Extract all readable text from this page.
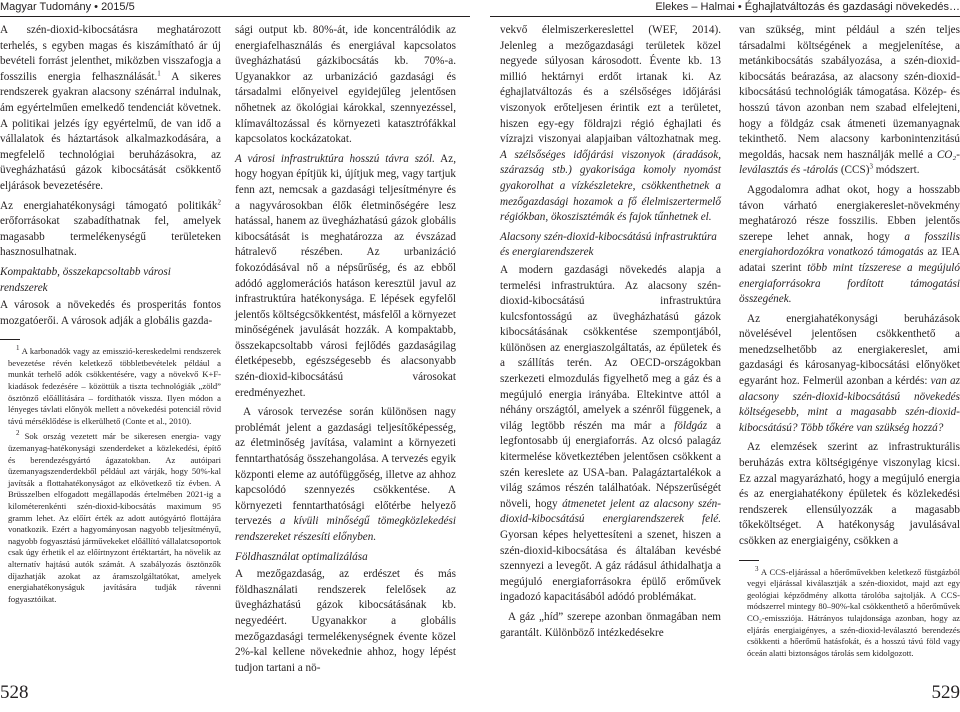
Magyar Tudomány • 2015/5	Elekes – Halmai • Éghajlatváltozás és gazdasági növekedés…

A szén-dioxid-kibocsátásra meghatározott terhelés, s egyben magas és kiszámítható ár új bevételi forrást jelenthet, miközben visszafogja a fosszilis energia felhasználását.$^1$ A sikeres rendszerek gyakran alacsony szénárral indulnak, ám egyértelműen emelkedő tendenciát követnek. A politikai jelzés így egyértelmű, de van idő a vállalatok és háztartások alkalmazkodására, a megfelelő technológiai beruházásokra, az üvegházhatású gázok kibocsátását csökkentő eljárások bevezetésére.

Az energiahatékonysági támogató politikák$^2$ erőforrásokat szabadíthatnak fel, amelyek magasabb termelékenységű területeken hasznosulhatnak.

Kompaktabb, összekapcsoltabb városi rendszerek

A városok a növekedés és prosperitás fontos mozgatóerői. A városok adják a globális gazda-

$^1$ A karbonadók vagy az emisszió-kereskedelmi rendszerek bevezetése révén keletkező többletbevételek például a munkát terhelő adók csökkentésére, vagy a növekvő K+F-kiadások fedezésére – közöttük a tiszta technológiák „zöld” ösztönző előállítására – fordíthatók vissza. Ilyen módon a lényeges távlati előnyök mellett a növekedési potenciál rövid távú mérséklődése is elkerülhető (Conte et al., 2010).

$^2$ Sok ország vezetett már be sikeresen energia- vagy üzemanyag-hatékonysági szenderdeket a közlekedési, építő és berendezésgyártó ágazatokban. Az autóipari üzemanyagszenderdekből például azt várják, hogy 50%-kal javítsák a flottahatékonyságot az elkövetkező tíz évben. A Brüsszelben elfogadott megállapodás értelmében 2021-ig a kilométerenkénti szén-dioxid-kibocsátás maximum 95 gramm lehet. Az előírt érték az adott autógyártó flottájára vonatkozik. Ezért a hagyományosan nagyobb teljesítményű, nagyobb fogyasztású járművekeket előállító vállalatcsoportok csak úgy érhetik el az előírtnyzont értéktartárt, ha növelik az alternatív hajtású autók számát. A szabályozás ösztönzők díjazhatják azokat az áramszolgáltatókat, amelyek energiahatékonyságuk javítására tudják rávenni fogyasztóikat.

sági output kb. 80%-át, ide koncentrálódik az energiafelhasználás és energiával kapcsolatos üvegházhatású gázkibocsátás kb. 70%-a. Ugyanakkor az urbanizáció gazdasági és társadalmi előnyeivel egyidejűleg jelentősen nőhetnek az ökológiai károkkal, szennyezéssel, klímaváltozással és környezeti katasztrófákkal kapcsolatos kockázatokat.

A városi infrastruktúra hosszú távra szól. Az, hogy hogyan építjük ki, újítjuk meg, vagy tartjuk fenn azt, nemcsak a gazdasági teljesítményre és a nagyvárosokban élők életminőségére lesz hatással, hanem az üvegházhatású gázok globális kibocsátását is meghatározza az évszázad hátralevő részében. Az urbanizáció fokozódásával nő a népsűrűség, és az ebből adódó agglomerációs hatáson keresztül javul az infrastruktúra hatékonysága. E lépések egyfelől jelentős költségcsökkentést, másfelől a környezet minőségének javulását hozzák. A kompaktabb, összekapcsoltabb városi fejlődés gazdaságilag életképesebb, egészségesebb és alacsonyabb szén-dioxid-kibocsátású városokat eredményezhet.

A városok tervezése során különösen nagy problémát jelent a gazdasági teljesítőképesség, az életminőség javítása, valamint a környezeti fenntarthatóság összehangolása. A tervezés egyik központi eleme az autófüggőség, illetve az ahhoz kapcsolódó szennyezés csökkentése. A környezeti fenntarthatósági előtérbe helyező tervezés a kívüli minőségű tömegközlekedési rendszereket részesíti előnyben.

Földhasználat optimalizálása

A mezőgazdaság, az erdészet és más földhasználati rendszerek felelősek az üvegházhatású gázok kibocsátásának kb. negyedéért. Ugyanakkor a globális mezőgazdasági termelékenységnek évente közel 2%-kal kellene növekednie ahhoz, hogy lépést tudjon tartani a nö-

vekvő élelmiszerkereslettel (WEF, 2014). Jelenleg a mezőgazdasági területek közel negyede súlyosan károsodott. Évente kb. 13 millió hektárnyi erdőt irtanak ki. Az éghajlatváltozás és a szélsőséges időjárási viszonyok erőteljesen érintik ezt a területet, hiszen egy-egy földrajzi régió éghajlati és vízrajzi viszonyai alapjaiban változhatnak meg. A szélsőséges időjárási viszonyok (áradások, szárazság stb.) gyakorisága komoly nyomást gyakorolhat a vízkészletekre, csökkenthetnek a mezőgazdasági hozamok a fő élelmiszertermelő régiókban, ökoszisztémák és fajok tűnhetnek el.

Alacsony szén-dioxid-kibocsátású infrastruktúra és energiarendszerek

A modern gazdasági növekedés alapja a termelési infrastruktúra. Az alacsony szén-dioxid-kibocsátású infrastruktúra kulcsfontosságú az üvegházhatású gázok kibocsátásának csökkentése szempontjából, különösen az energiaszolgáltatás, az épületek és a szállítás terén. Az OECD-országokban szerkezeti elmozdulás figyelhető meg a gáz és a megújuló energia irányába. Eltekintve attól a néhány országtól, amelyek a szénről függenek, a világ legtöbb részén ma már a földgáz a legfontosabb új energiaforrás. Az olcsó palagáz kitermelése következtében jelentősen csökkent a szén kereslete az USA-ban. Palagáztartalékok a világ számos részén találhatóak. Népszerűségét növeli, hogy átmenetet jelent az alacsony szén-dioxid-kibocsátású energiarendszerek felé. Gyorsan képes helyettesíteni a szenet, hiszen a szén-dioxid-kibocsátása és általában kevésbé szennyezi a levegőt. A gáz rádásul áthidalhatja a megújuló energiaforrásokra épülő erőművek ingadozó kapacitásából adódó problémákat.

A gáz „híd” szerepe azonban önmagában nem garantált. Különböző intézkedésekre

van szükség, mint például a szén teljes társadalmi költségének a megjelenítése, a metánkibocsátás szabályozása, a szén-dioxid-kibocsátás beárazása, az alacsony szén-dioxid-kibocsátású technológiák támogatása. Közép- és hosszú távon azonban nem szabad elfelejteni, hogy a földgáz csak átmeneti üzemanyagnak tekinthető. Nem alacsony karbonintenzitású megoldás, hacsak nem használják mellé a CO₂-leválasztás és -tárolás (CCS)$^3$ módszert.

Aggodalomra adhat okot, hogy a hosszabb távon várható energiakereslet-növekmény meghatározó része fosszilis. Ebben jelentős szerepe lehet annak, hogy a fosszilis energiahordozókra vonatkozó támogatás az IEA adatai szerint több mint tízszerese a megújuló energiaforrásokra fordított támogatási összegének.

Az energiahatékonysági beruházások növelésével jelentősen csökkenthető a menedzselhetőbb az energiakereslet, ami gazdasági és károsanyag-kibocsátási előnyöket egyaránt hoz. Felmerül azonban a kérdés: van az alacsony szén-dioxid-kibocsátású növekedés költségesebb, mint a magasabb szén-dioxid-kibocsátású? Több tőkére van szükség hozzá?

Az elemzések szerint az infrastrukturális beruházás extra költségigénye viszonylag kicsi. Ez azzal magyarázható, hogy a megújuló energia és az energiahatékony épületek és közlekedési rendszerek ellensúlyozzák a magasabb tőkeköltséget. A hatékonyság javulásával csökken az energiaigény, csökken a

$^3$ A CCS-eljárással a hőerőművekben keletkező füstgázból vegyi eljárással kiválasztják a szén-dioxidot, majd azt egy geológiai képződmény alkotta tárolóba sajtolják. A CCS-módszerrel mintegy 80–90%-kal csökkenthető a hőerőművek CO₂-emissziója. Hátrányos tulajdonsága azonban, hogy az eljárás energiaigényes, a szén-dioxid-leválasztó berendezés csökkenti a hőerőmű hatásfokát, és a hosszú távú föld vagy óceán alatti biztonságos tárolás sem kidolgozott.

528	529
